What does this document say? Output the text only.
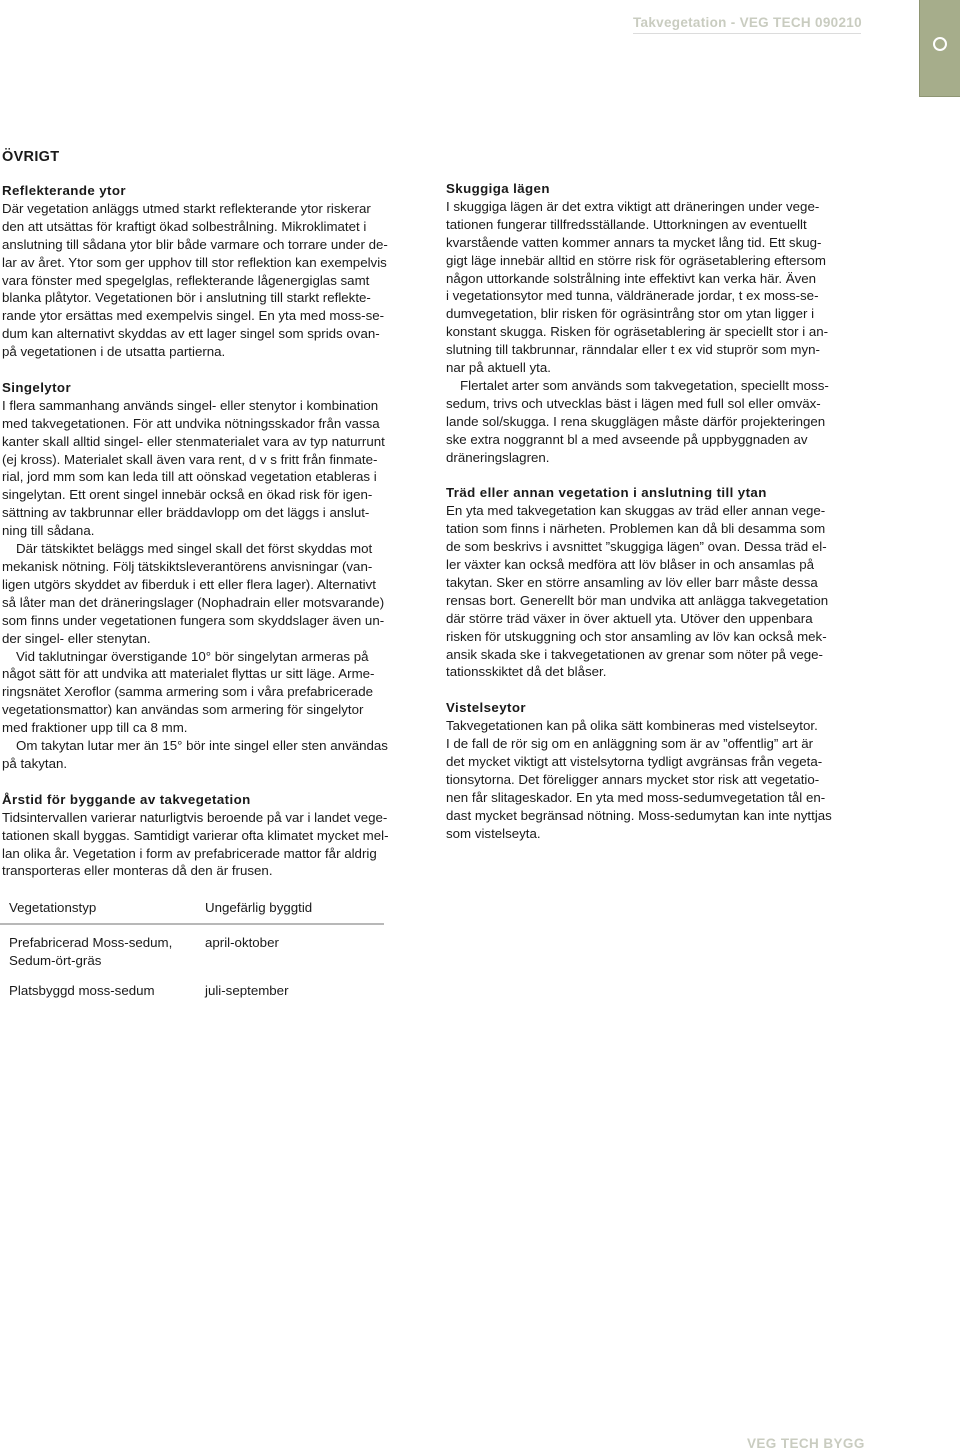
Takvegetation - VEG TECH 090210
ÖVRIGT
Reflekterande ytor

Där vegetation anläggs utmed starkt reflekterande ytor riskerar
den att utsättas för kraftigt ökad solbestrålning. Mikroklimatet i
anslutning till sådana ytor blir både varmare och torrare under de-
lar av året. Ytor som ger upphov till stor reflektion kan exempelvis
vara fönster med spegelglas, reflekterande lågenergiglas samt
blanka plåtytor. Vegetationen bör i anslutning till starkt reflekte-
rande ytor ersättas med exempelvis singel. En yta med moss-se-
dum kan alternativt skyddas av ett lager singel som sprids ovan-
på vegetationen i de utsatta partierna.

Singelytor

I flera sammanhang används singel- eller stenytor i kombination
med takvegetationen. För att undvika nötningsskador från vassa
kanter skall alltid singel- eller stenmaterialet vara av typ naturrunt
(ej kross). Materialet skall även vara rent, d v s fritt från finmate-
rial, jord mm som kan leda till att oönskad vegetation etableras i
singelytan. Ett orent singel innebär också en ökad risk för igen-
sättning av takbrunnar eller bräddavlopp om det läggs i anslut-
ning till sådana.

Där tätskiktet beläggs med singel skall det först skyddas mot
mekanisk nötning. Följ tätskiktsleverantörens anvisningar (van-
ligen utgörs skyddet av fiberduk i ett eller flera lager). Alternativt
så låter man det dräneringslager (Nophadrain eller motsvarande)
som finns under vegetationen fungera som skyddslager även un-
der singel- eller stenytan.

Vid taklutningar överstigande 10° bör singelytan armeras på
något sätt för att undvika att materialet flyttas ur sitt läge. Arme-
ringsnätet Xeroflor (samma armering som i våra prefabricerade
vegetationsmattor) kan användas som armering för singelytor
med fraktioner upp till ca 8 mm.

Om takytan lutar mer än 15° bör inte singel eller sten användas
på takytan.

Årstid för byggande av takvegetation

Tidsintervallen varierar naturligtvis beroende på var i landet vege-
tationen skall byggas. Samtidigt varierar ofta klimatet mycket mel-
lan olika år. Vegetation i form av prefabricerade mattor får aldrig
transporteras eller monteras då den är frusen.

Skuggiga lägen

I skuggiga lägen är det extra viktigt att dräneringen under vege-
tationen fungerar tillfredsställande. Uttorkningen av eventuellt
kvarstående vatten kommer annars ta mycket lång tid. Ett skug-
gigt läge innebär alltid en större risk för ogräsetablering eftersom
någon uttorkande solstrålning inte effektivt kan verka här. Även
i vegetationsytor med tunna, väldränerade jordar, t ex moss-se-
dumvegetation, blir risken för ogräsintrång stor om ytan ligger i
konstant skugga. Risken för ogräsetablering är speciellt stor i an-
slutning till takbrunnar, ränndalar eller t ex vid stuprör som myn-
nar på aktuell yta.

Flertalet arter som används som takvegetation, speciellt moss-
sedum, trivs och utvecklas bäst i lägen med full sol eller omväx-
lande sol/skugga. I rena skugglägen måste därför projekteringen
ske extra noggrannt bl a med avseende på uppbyggnaden av
dräneringslagren.

Träd eller annan vegetation i anslutning till ytan

En yta med takvegetation kan skuggas av träd eller annan vege-
tation som finns i närheten. Problemen kan då bli desamma som
de som beskrivs i avsnittet ”skuggiga lägen” ovan. Dessa träd el-
ler växter kan också medföra att löv blåser in och ansamlas på
takytan. Sker en större ansamling av löv eller barr måste dessa
rensas bort. Generellt bör man undvika att anlägga takvegetation
där större träd växer in över aktuell yta. Utöver den uppenbara
risken för utskuggning och stor ansamling av löv kan också mek-
ansik skada ske i takvegetationen av grenar som nöter på vege-
tationsskiktet då det blåser.

Vistelseytor

Takvegetationen kan på olika sätt kombineras med vistelseytor.
I de fall de rör sig om en anläggning som är av ”offentlig” art är
det mycket viktigt att vistelsytorna tydligt avgränsas från vegeta-
tionsytorna. Det föreligger annars mycket stor risk att vegetatio-
nen får slitageskador. En yta med moss-sedumvegetation tål en-
dast mycket begränsad nötning. Moss-sedumytan kan inte nyttjas
som vistelseyta.

Vegetationstyp	Ungefärlig byggtid
Prefabricerad Moss-sedum,
Sedum-ört-gräs	april-oktober
Platsbyggd moss-sedum	juli-september
VEG TECH BYGG
